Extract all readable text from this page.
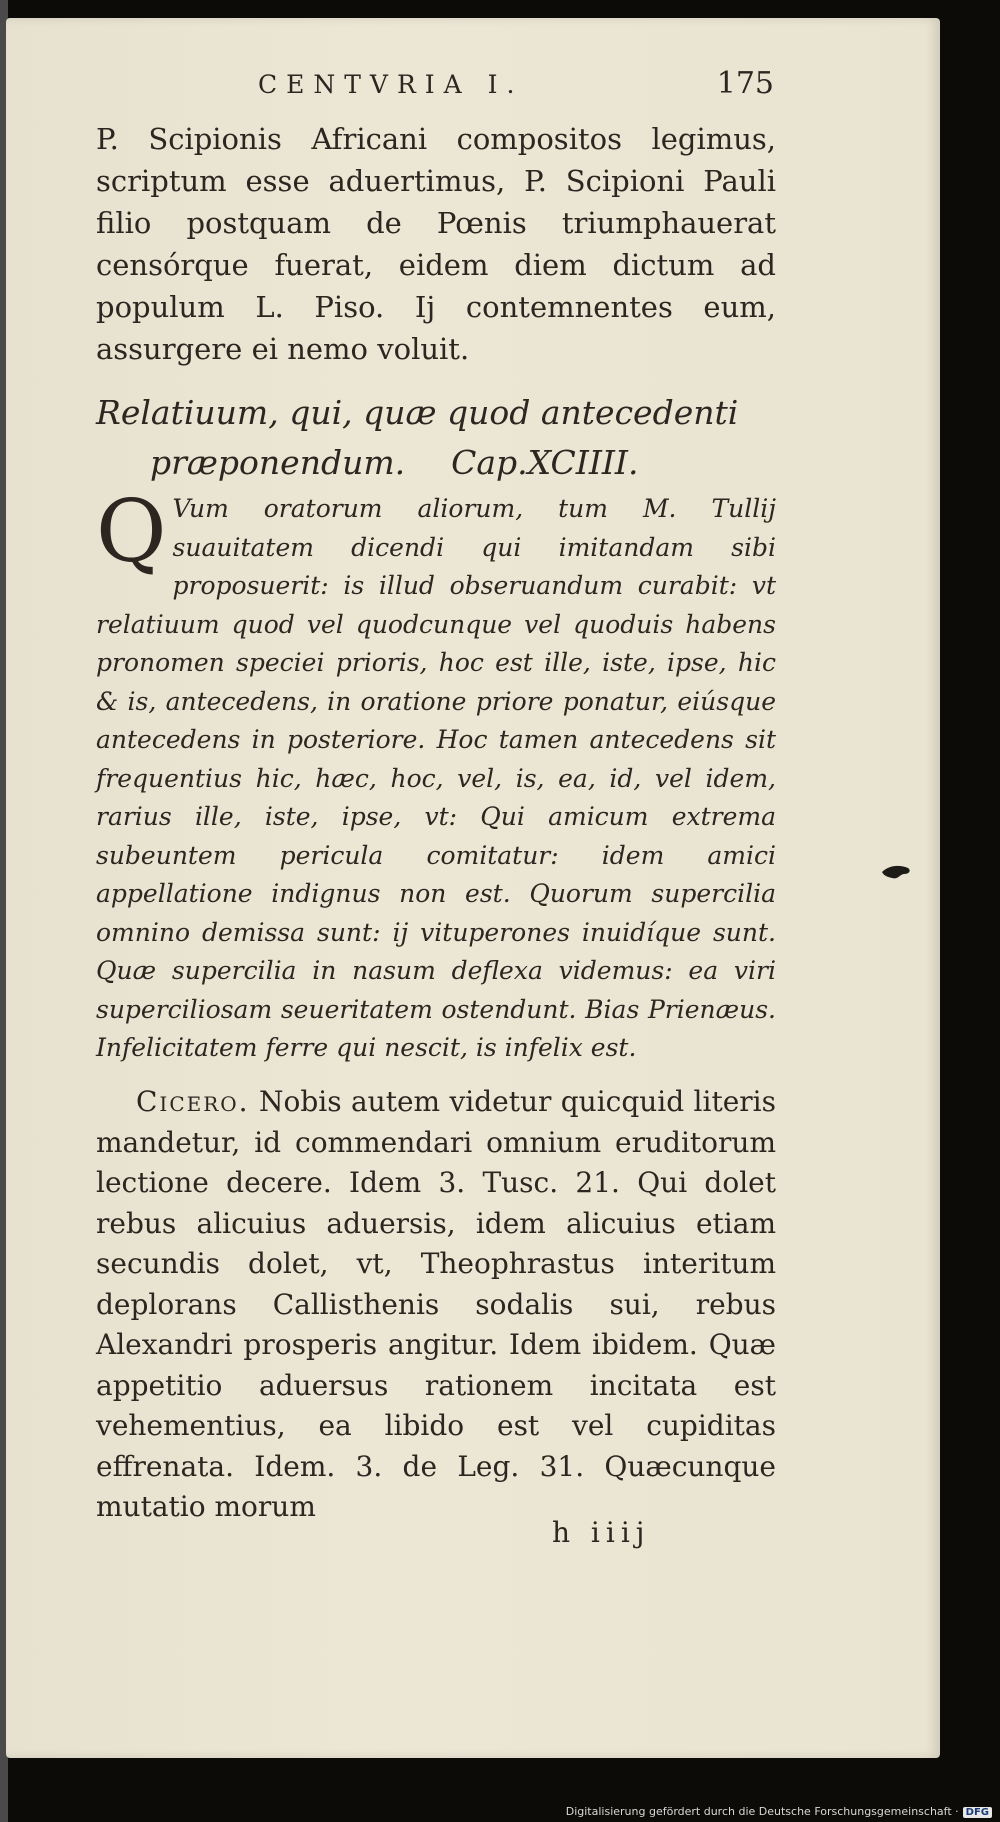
CENTVRIA I.	175

P. Scipionis Africani compositos legimus, scriptum esse aduertimus, P. Scipioni Pauli filio postquam de Pœnis triumphauerat censórque fuerat, eidem diem dictum ad populum L. Piso. Ij contemnentes eum, assurgere ei nemo voluit.

Relatiuum, qui, quæ quod antecedenti
præponendum. Cap.XCIIII.
Q Vum oratorum aliorum, tum M. Tullij suauitatem dicendi qui imitandam sibi proposuerit: is illud obseruandum curabit: vt relatiuum quod vel quodcunque vel quoduis habens pronomen speciei prioris, hoc est ille, iste, ipse, hic & is, antecedens, in oratione priore ponatur, eiúsque antecedens in posteriore. Hoc tamen antecedens sit frequentius hic, hæc, hoc, vel, is, ea, id, vel idem, rarius ille, iste, ipse, vt: Qui amicum extrema subeuntem pericula comitatur: idem amici appellatione indignus non est. Quorum supercilia omnino demissa sunt: ij vituperones inuidíque sunt. Quæ supercilia in nasum deflexa videmus: ea viri superciliosam seueritatem ostendunt. Bias Prienæus. Infelicitatem ferre qui nescit, is infelix est.

Cicero. Nobis autem videtur quicquid literis mandetur, id commendari omnium eruditorum lectione decere. Idem 3. Tusc. 21. Qui dolet rebus alicuius aduersis, idem alicuius etiam secundis dolet, vt, Theophrastus interitum deplorans Callisthenis sodalis sui, rebus Alexandri prosperis angitur. Idem ibidem. Quæ appetitio aduersus rationem incitata est vehementius, ea libido est vel cupiditas effrenata. Idem. 3. de Leg. 31. Quæcunque mutatio morum

h iiij
Digitalisierung gefördert durch die Deutsche Forschungsgemeinschaft · DFG
